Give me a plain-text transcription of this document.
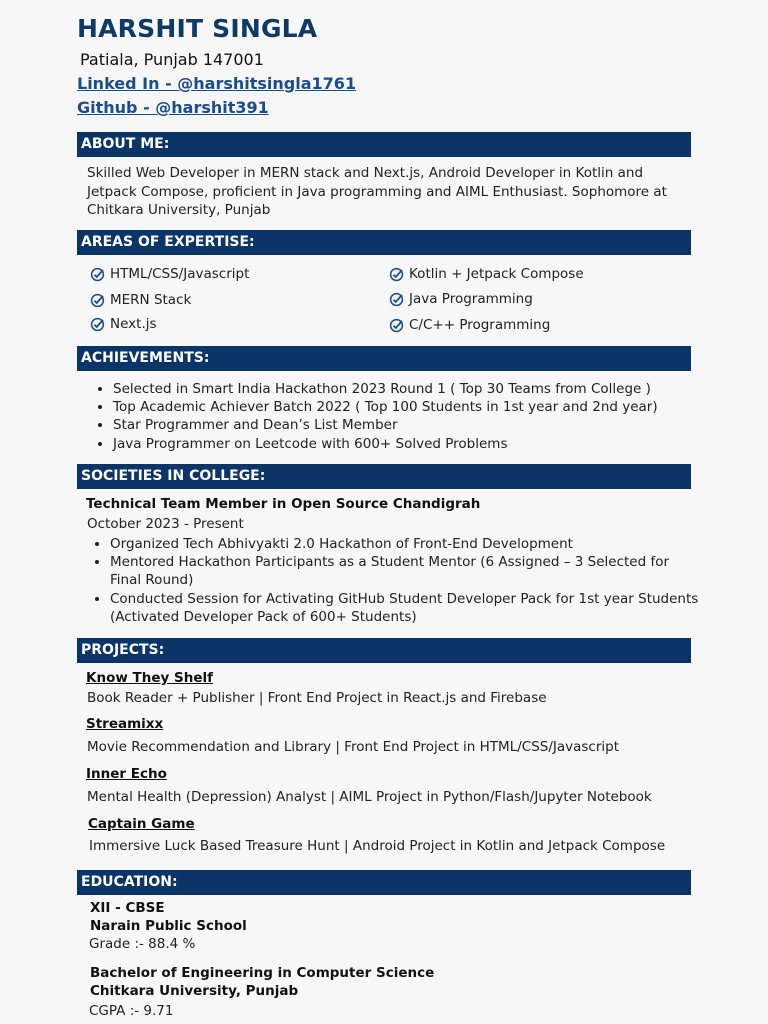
HARSHIT SINGLA
Patiala, Punjab 147001
Linked In - @harshitsingla1761
Github - @harshit391
ABOUT ME:
Skilled Web Developer in MERN stack and Next.js, Android Developer in Kotlin and
Jetpack Compose, proficient in Java programming and AIML Enthusiast. Sophomore at
Chitkara University, Punjab
AREAS OF EXPERTISE:
HTML/CSS/Javascript
MERN Stack
Next.js
Kotlin + Jetpack Compose
Java Programming
C/C++ Programming
ACHIEVEMENTS:
• Selected in Smart India Hackathon 2023 Round 1 ( Top 30 Teams from College )
• Top Academic Achiever Batch 2022 ( Top 100 Students in 1st year and 2nd year)
• Star Programmer and Dean’s List Member
• Java Programmer on Leetcode with 600+ Solved Problems
SOCIETIES IN COLLEGE:
Technical Team Member in Open Source Chandigrah
October 2023 - Present
• Organized Tech Abhivyakti 2.0 Hackathon of Front-End Development
• Mentored Hackathon Participants as a Student Mentor (6 Assigned – 3 Selected for Final Round)
• Conducted Session for Activating GitHub Student Developer Pack for 1st year Students (Activated Developer Pack of 600+ Students)
PROJECTS:
Know They Shelf
Book Reader + Publisher | Front End Project in React.js and Firebase
Streamixx
Movie Recommendation and Library | Front End Project in HTML/CSS/Javascript
Inner Echo
Mental Health (Depression) Analyst | AIML Project in Python/Flash/Jupyter Notebook
Captain Game
Immersive Luck Based Treasure Hunt | Android Project in Kotlin and Jetpack Compose
EDUCATION:
XII - CBSE
Narain Public School
Grade :- 88.4 %
Bachelor of Engineering in Computer Science
Chitkara University, Punjab
CGPA :- 9.71
